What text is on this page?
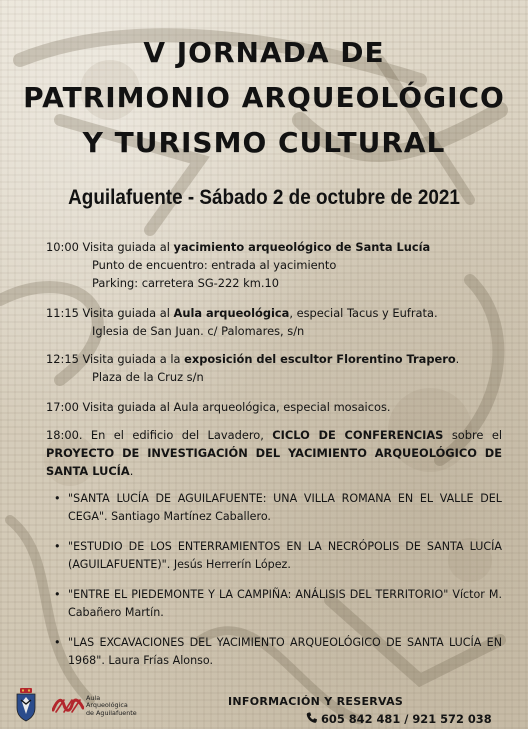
V JORNADA DE
PATRIMONIO ARQUEOLÓGICO
Y TURISMO CULTURAL
Aguilafuente - Sábado 2 de octubre de 2021
10:00 Visita guiada al yacimiento arqueológico de Santa Lucía
Punto de encuentro: entrada al yacimiento
Parking: carretera SG-222 km.10
11:15 Visita guiada al Aula arqueológica, especial Tacus y Eufrata.
Iglesia de San Juan. c/ Palomares, s/n
12:15 Visita guiada a la exposición del escultor Florentino Trapero.
Plaza de la Cruz s/n
17:00 Visita guiada al Aula arqueológica, especial mosaicos.
18:00. En el edificio del Lavadero, CICLO DE CONFERENCIAS sobre el PROYECTO DE INVESTIGACIÓN DEL YACIMIENTO ARQUEOLÓGICO DE SANTA LUCÍA.
• "SANTA LUCÍA DE AGUILAFUENTE: UNA VILLA ROMANA EN EL VALLE DEL CEGA". Santiago Martínez Caballero.
• "ESTUDIO DE LOS ENTERRAMIENTOS EN LA NECRÓPOLIS DE SANTA LUCÍA (AGUILAFUENTE)". Jesús Herrerín López.
• "ENTRE EL PIEDEMONTE Y LA CAMPIÑA: ANÁLISIS DEL TERRITORIO" Víctor M. Cabañero Martín.
• "LAS EXCAVACIONES DEL YACIMIENTO ARQUEOLÓGICO DE SANTA LUCÍA EN 1968". Laura Frías Alonso.
Aula
Arqueológica
de Aguilafuente
INFORMACIÓN Y RESERVAS
605 842 481 / 921 572 038
